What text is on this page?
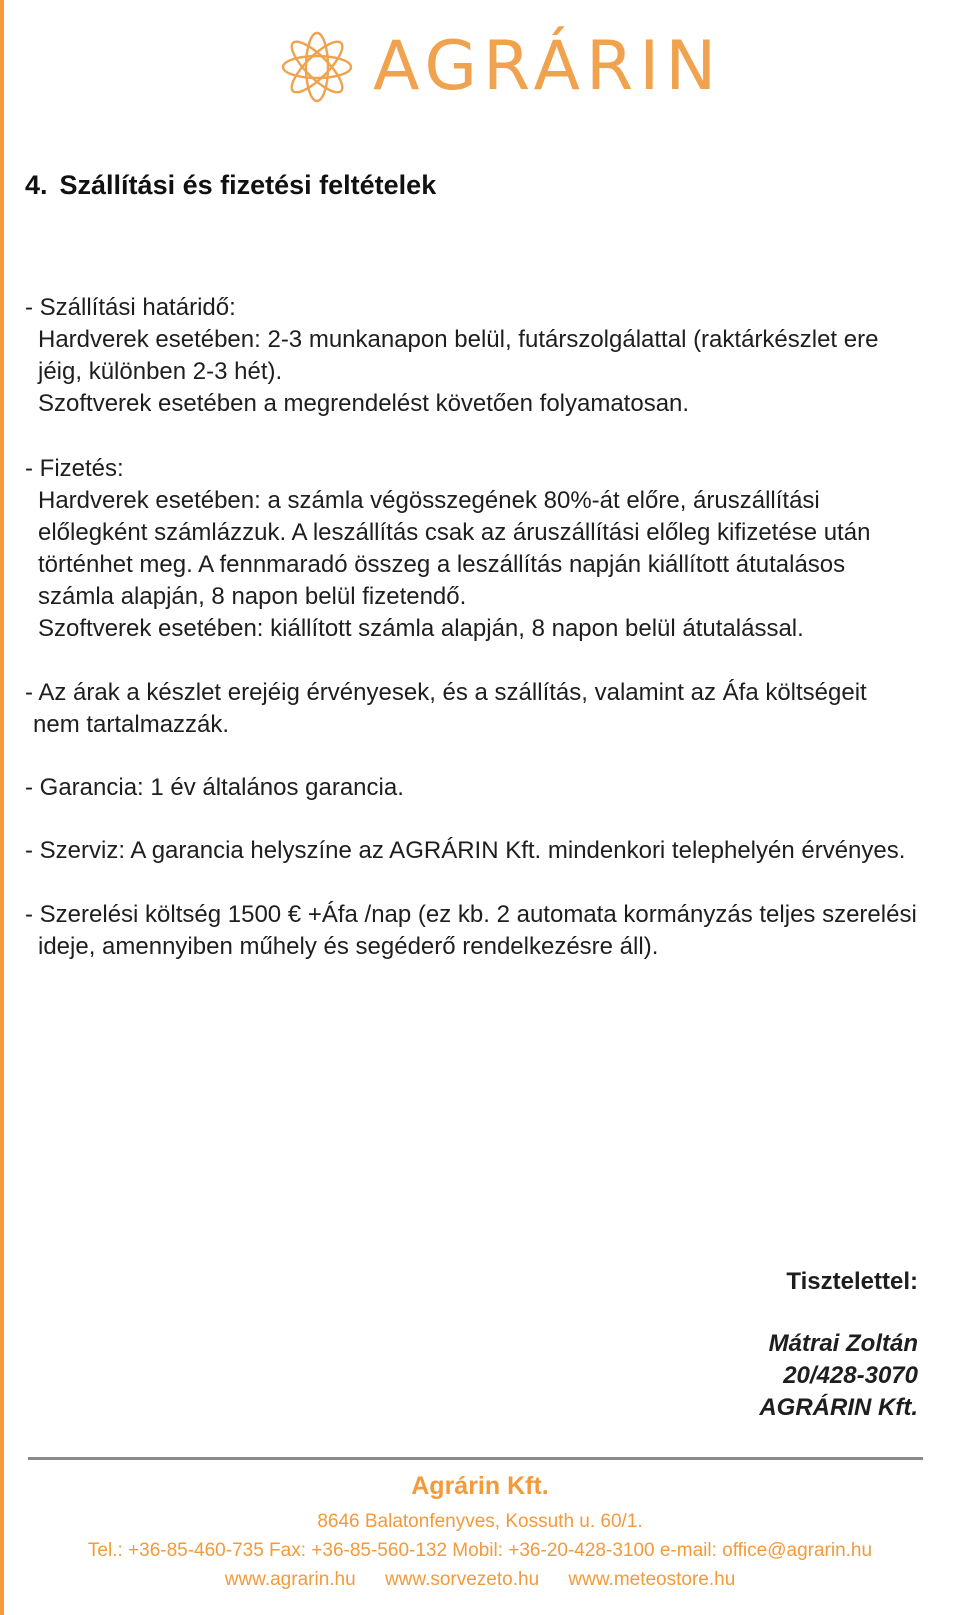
AGRÁRIN
4. Szállítási és fizetési feltételek
- Szállítási határidő:
Hardverek esetében: 2-3 munkanapon belül, futárszolgálattal (raktárkészlet ere
jéig, különben 2-3 hét).
Szoftverek esetében a megrendelést követően folyamatosan.
- Fizetés:
Hardverek esetében: a számla végösszegének 80%-át előre, áruszállítási
előlegként számlázzuk. A leszállítás csak az áruszállítási előleg kifizetése után
történhet meg. A fennmaradó összeg a leszállítás napján kiállított átutalásos
számla alapján, 8 napon belül fizetendő.
Szoftverek esetében: kiállított számla alapján, 8 napon belül átutalással.
- Az árak a készlet erejéig érvényesek, és a szállítás, valamint az Áfa költségeit
nem tartalmazzák.
- Garancia: 1 év általános garancia.
- Szerviz: A garancia helyszíne az AGRÁRIN Kft. mindenkori telephelyén érvényes.
- Szerelési költség 1500 € +Áfa /nap (ez kb. 2 automata kormányzás teljes szerelési
ideje, amennyiben műhely és segéderő rendelkezésre áll).
Tisztelettel:
Mátrai Zoltán
20/428-3070
AGRÁRIN Kft.
Agrárin Kft.
8646 Balatonfenyves, Kossuth u. 60/1.
Tel.: +36-85-460-735 Fax: +36-85-560-132 Mobil: +36-20-428-3100 e-mail: office@agrarin.hu
www.agrarin.hu www.sorvezeto.hu www.meteostore.hu
